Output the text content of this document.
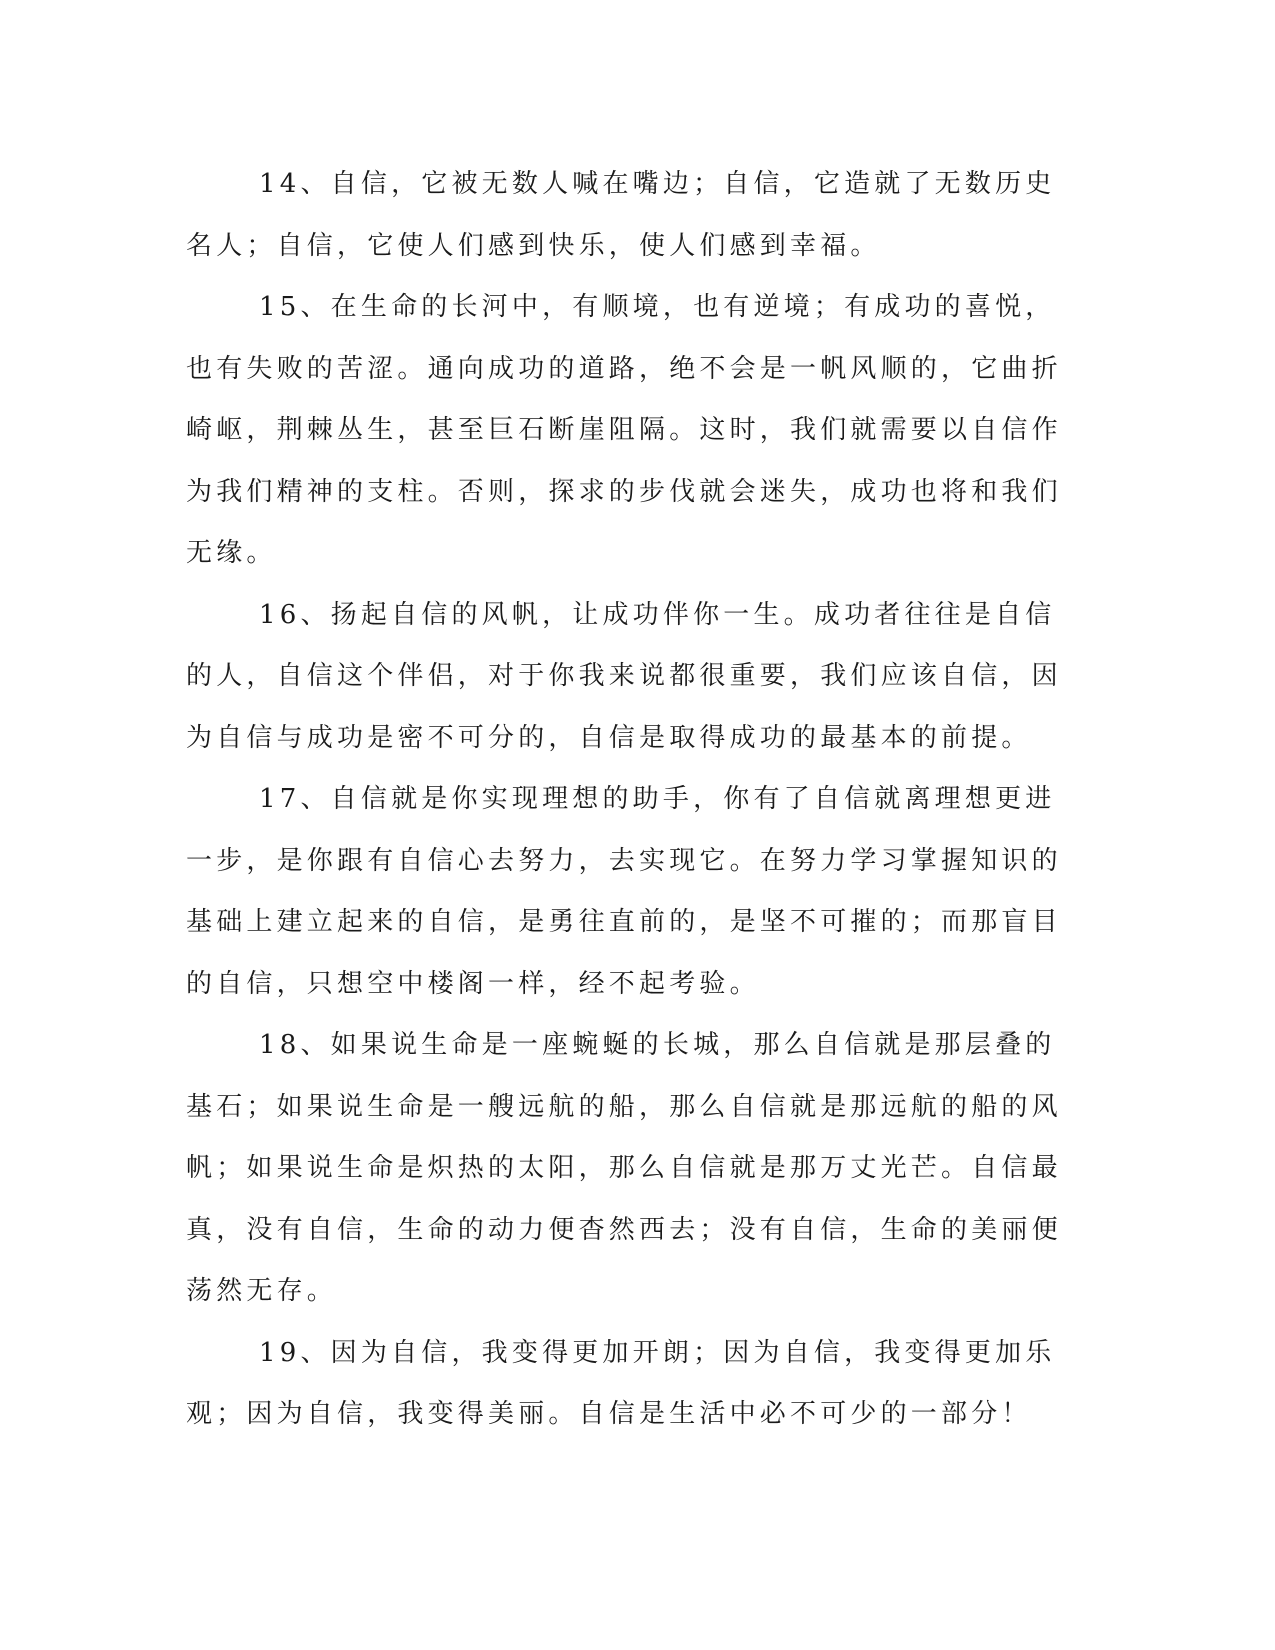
14、自信，它被无数人喊在嘴边；自信，它造就了无数历史名人；自信，它使人们感到快乐，使人们感到幸福。

15、在生命的长河中，有顺境，也有逆境；有成功的喜悦，也有失败的苦涩。通向成功的道路，绝不会是一帆风顺的，它曲折崎岖，荆棘丛生，甚至巨石断崖阻隔。这时，我们就需要以自信作为我们精神的支柱。否则，探求的步伐就会迷失，成功也将和我们无缘。

16、扬起自信的风帆，让成功伴你一生。成功者往往是自信的人，自信这个伴侣，对于你我来说都很重要，我们应该自信，因为自信与成功是密不可分的，自信是取得成功的最基本的前提。

17、自信就是你实现理想的助手，你有了自信就离理想更进一步，是你跟有自信心去努力，去实现它。在努力学习掌握知识的基础上建立起来的自信，是勇往直前的，是坚不可摧的；而那盲目的自信，只想空中楼阁一样，经不起考验。

18、如果说生命是一座蜿蜒的长城，那么自信就是那层叠的基石；如果说生命是一艘远航的船，那么自信就是那远航的船的风帆；如果说生命是炽热的太阳，那么自信就是那万丈光芒。自信最真，没有自信，生命的动力便杳然西去；没有自信，生命的美丽便荡然无存。

19、因为自信，我变得更加开朗；因为自信，我变得更加乐观；因为自信，我变得美丽。自信是生活中必不可少的一部分！
